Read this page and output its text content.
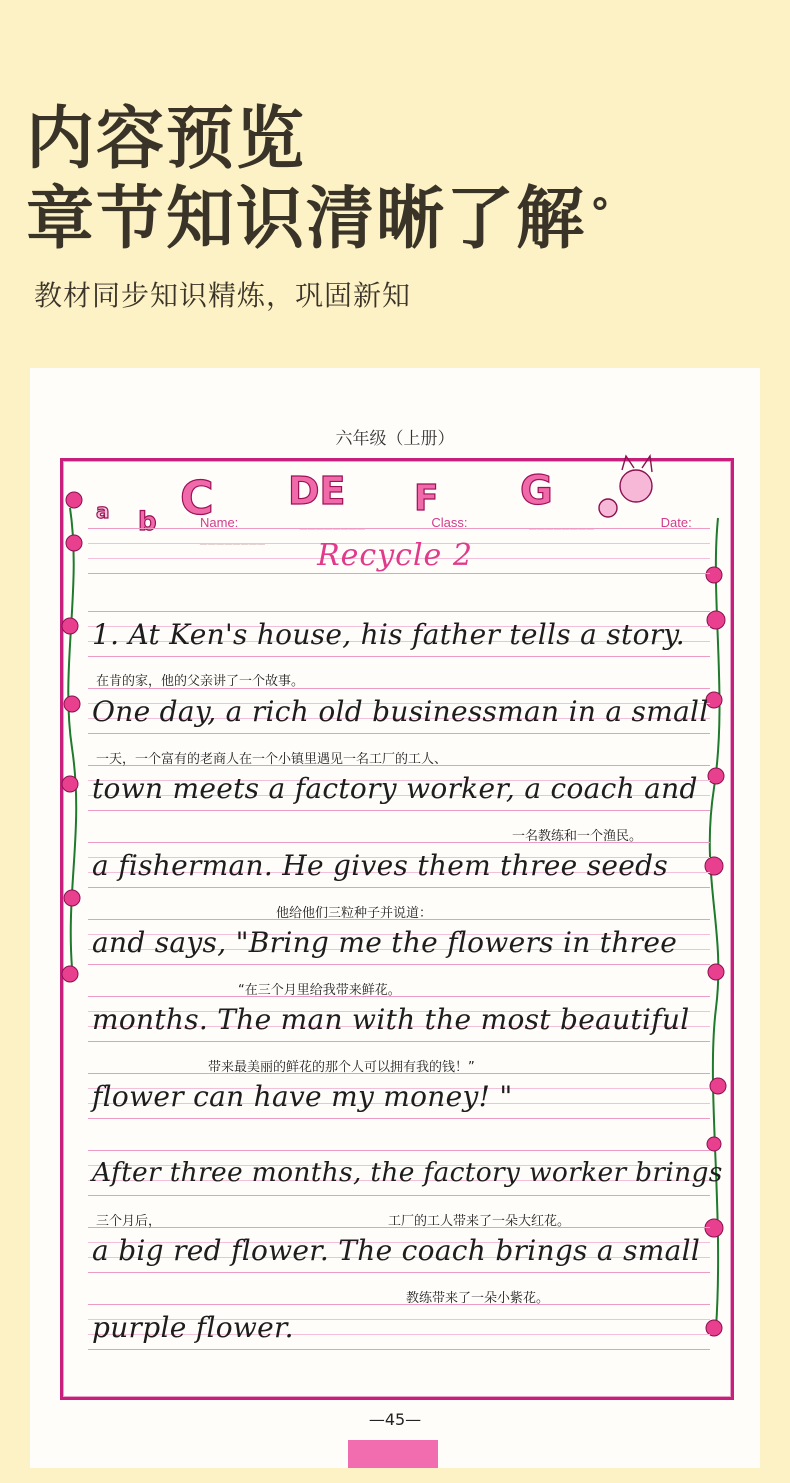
内容预览
章节知识清晰了解 °
教材同步知识精炼，巩固新知
六年级（上册）
a b C DE F G
Name:	________	Class:	________	Date: ________
Recycle 2
1. At Ken's house, his father tells a story.
在肯的家，他的父亲讲了一个故事。
One day, a rich old businessman in a small
一天，一个富有的老商人在一个小镇里遇见一名工厂的工人、
town meets a factory worker, a coach and
一名教练和一个渔民。
a fisherman. He gives them three seeds
他给他们三粒种子并说道：
and says, "Bring me the flowers in three
“在三个月里给我带来鲜花。
months. The man with the most beautiful
带来最美丽的鲜花的那个人可以拥有我的钱！”
flower can have my money! "
After three months, the factory worker brings
三个月后，	工厂的工人带来了一朵大红花。
a big red flower. The coach brings a small
教练带来了一朵小紫花。
purple flower.
—45—
